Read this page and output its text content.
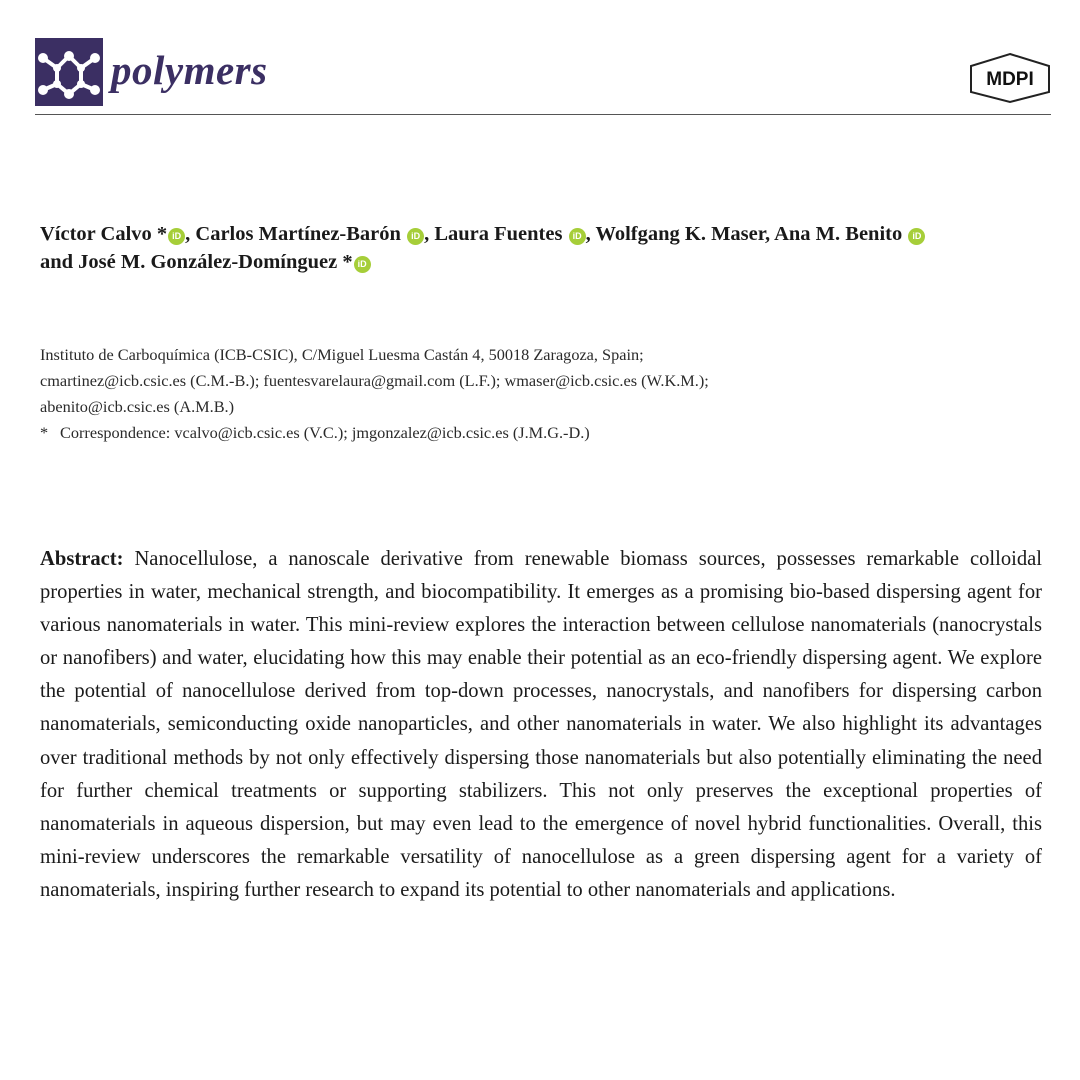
polymers	MDPI
Víctor Calvo * iD , Carlos Martínez-Barón iD , Laura Fuentes iD , Wolfgang K. Maser, Ana M. Benito iD
and José M. González-Domínguez * iD

Instituto de Carboquímica (ICB-CSIC), C/Miguel Luesma Castán 4, 50018 Zaragoza, Spain;

cmartinez@icb.csic.es (C.M.-B.); fuentesvarelaura@gmail.com (L.F.); wmaser@icb.csic.es (W.K.M.);

abenito@icb.csic.es (A.M.B.)

* Correspondence: vcalvo@icb.csic.es (V.C.); jmgonzalez@icb.csic.es (J.M.G.-D.)

Abstract: Nanocellulose, a nanoscale derivative from renewable biomass sources, possesses remarkable colloidal properties in water, mechanical strength, and biocompatibility. It emerges as a promising bio-based dispersing agent for various nanomaterials in water. This mini-review explores the interaction between cellulose nanomaterials (nanocrystals or nanofibers) and water, elucidating how this may enable their potential as an eco-friendly dispersing agent. We explore the potential of nanocellulose derived from top-down processes, nanocrystals, and nanofibers for dispersing carbon nanomaterials, semiconducting oxide nanoparticles, and other nanomaterials in water. We also highlight its advantages over traditional methods by not only effectively dispersing those nanomaterials but also potentially eliminating the need for further chemical treatments or supporting stabilizers. This not only preserves the exceptional properties of nanomaterials in aqueous dispersion, but may even lead to the emergence of novel hybrid functionalities. Overall, this mini-review underscores the remarkable versatility of nanocellulose as a green dispersing agent for a variety of nanomaterials, inspiring further research to expand its potential to other nanomaterials and applications.
